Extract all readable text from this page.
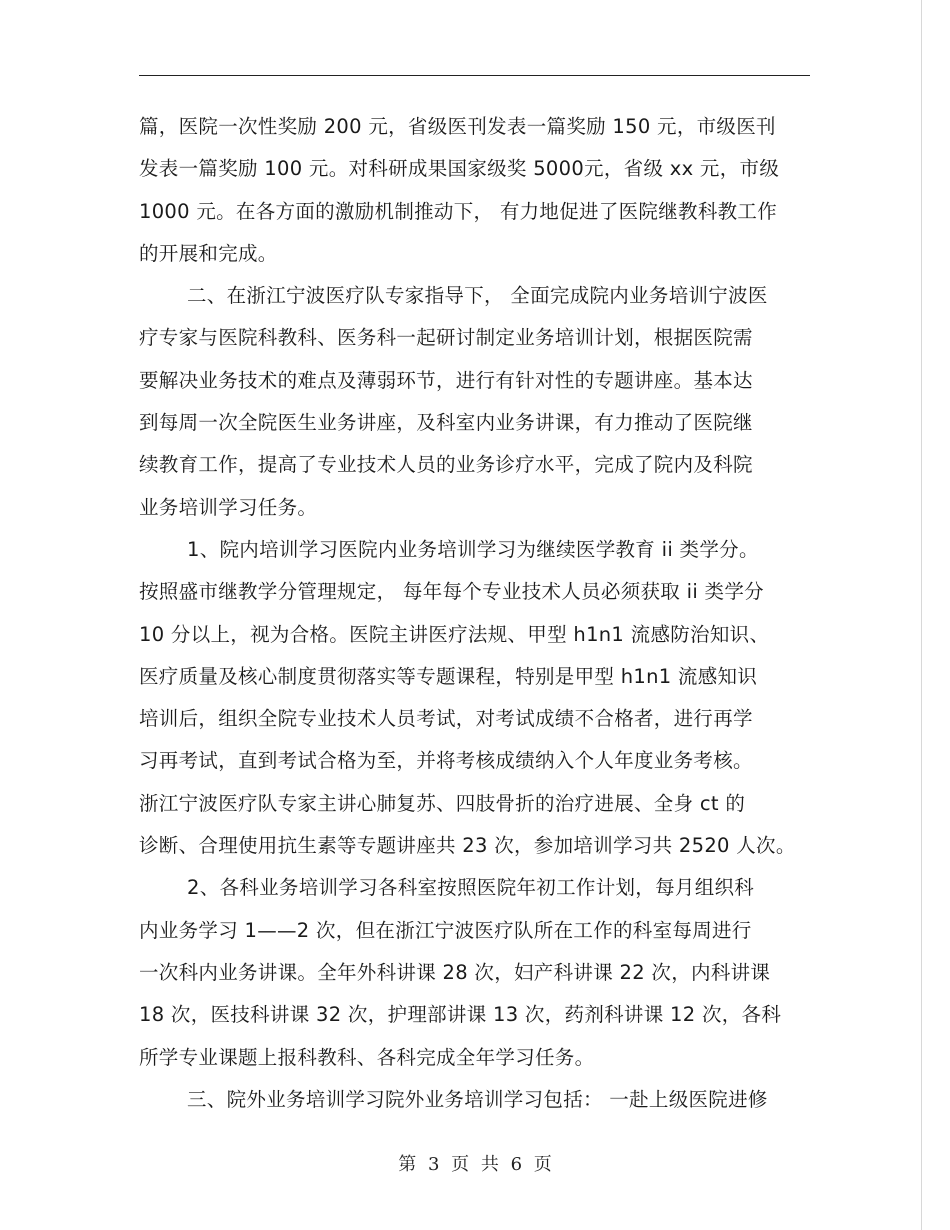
篇，医院一次性奖励 200 元，省级医刊发表一篇奖励 150 元，市级医刊
发表一篇奖励 100 元。对科研成果国家级奖 5000元，省级 xx 元，市级
1000 元。在各方面的激励机制推动下， 有力地促进了医院继教科教工作
的开展和完成。
二、在浙江宁波医疗队专家指导下， 全面完成院内业务培训宁波医
疗专家与医院科教科、医务科一起研讨制定业务培训计划，根据医院需
要解决业务技术的难点及薄弱环节，进行有针对性的专题讲座。基本达
到每周一次全院医生业务讲座，及科室内业务讲课，有力推动了医院继
续教育工作，提高了专业技术人员的业务诊疗水平，完成了院内及科院
业务培训学习任务。
1、院内培训学习医院内业务培训学习为继续医学教育 ii 类学分。
按照盛市继教学分管理规定， 每年每个专业技术人员必须获取 ii 类学分
10 分以上，视为合格。医院主讲医疗法规、甲型 h1n1 流感防治知识、
医疗质量及核心制度贯彻落实等专题课程，特别是甲型 h1n1 流感知识
培训后，组织全院专业技术人员考试，对考试成绩不合格者，进行再学
习再考试，直到考试合格为至，并将考核成绩纳入个人年度业务考核。
浙江宁波医疗队专家主讲心肺复苏、四肢骨折的治疗进展、全身 ct 的
诊断、合理使用抗生素等专题讲座共 23 次，参加培训学习共 2520 人次。
2、各科业务培训学习各科室按照医院年初工作计划，每月组织科
内业务学习 1——2 次，但在浙江宁波医疗队所在工作的科室每周进行
一次科内业务讲课。全年外科讲课 28 次，妇产科讲课 22 次，内科讲课
18 次，医技科讲课 32 次，护理部讲课 13 次，药剂科讲课 12 次，各科
所学专业课题上报科教科、各科完成全年学习任务。
三、院外业务培训学习院外业务培训学习包括： 一赴上级医院进修
第 3 页 共 6 页
